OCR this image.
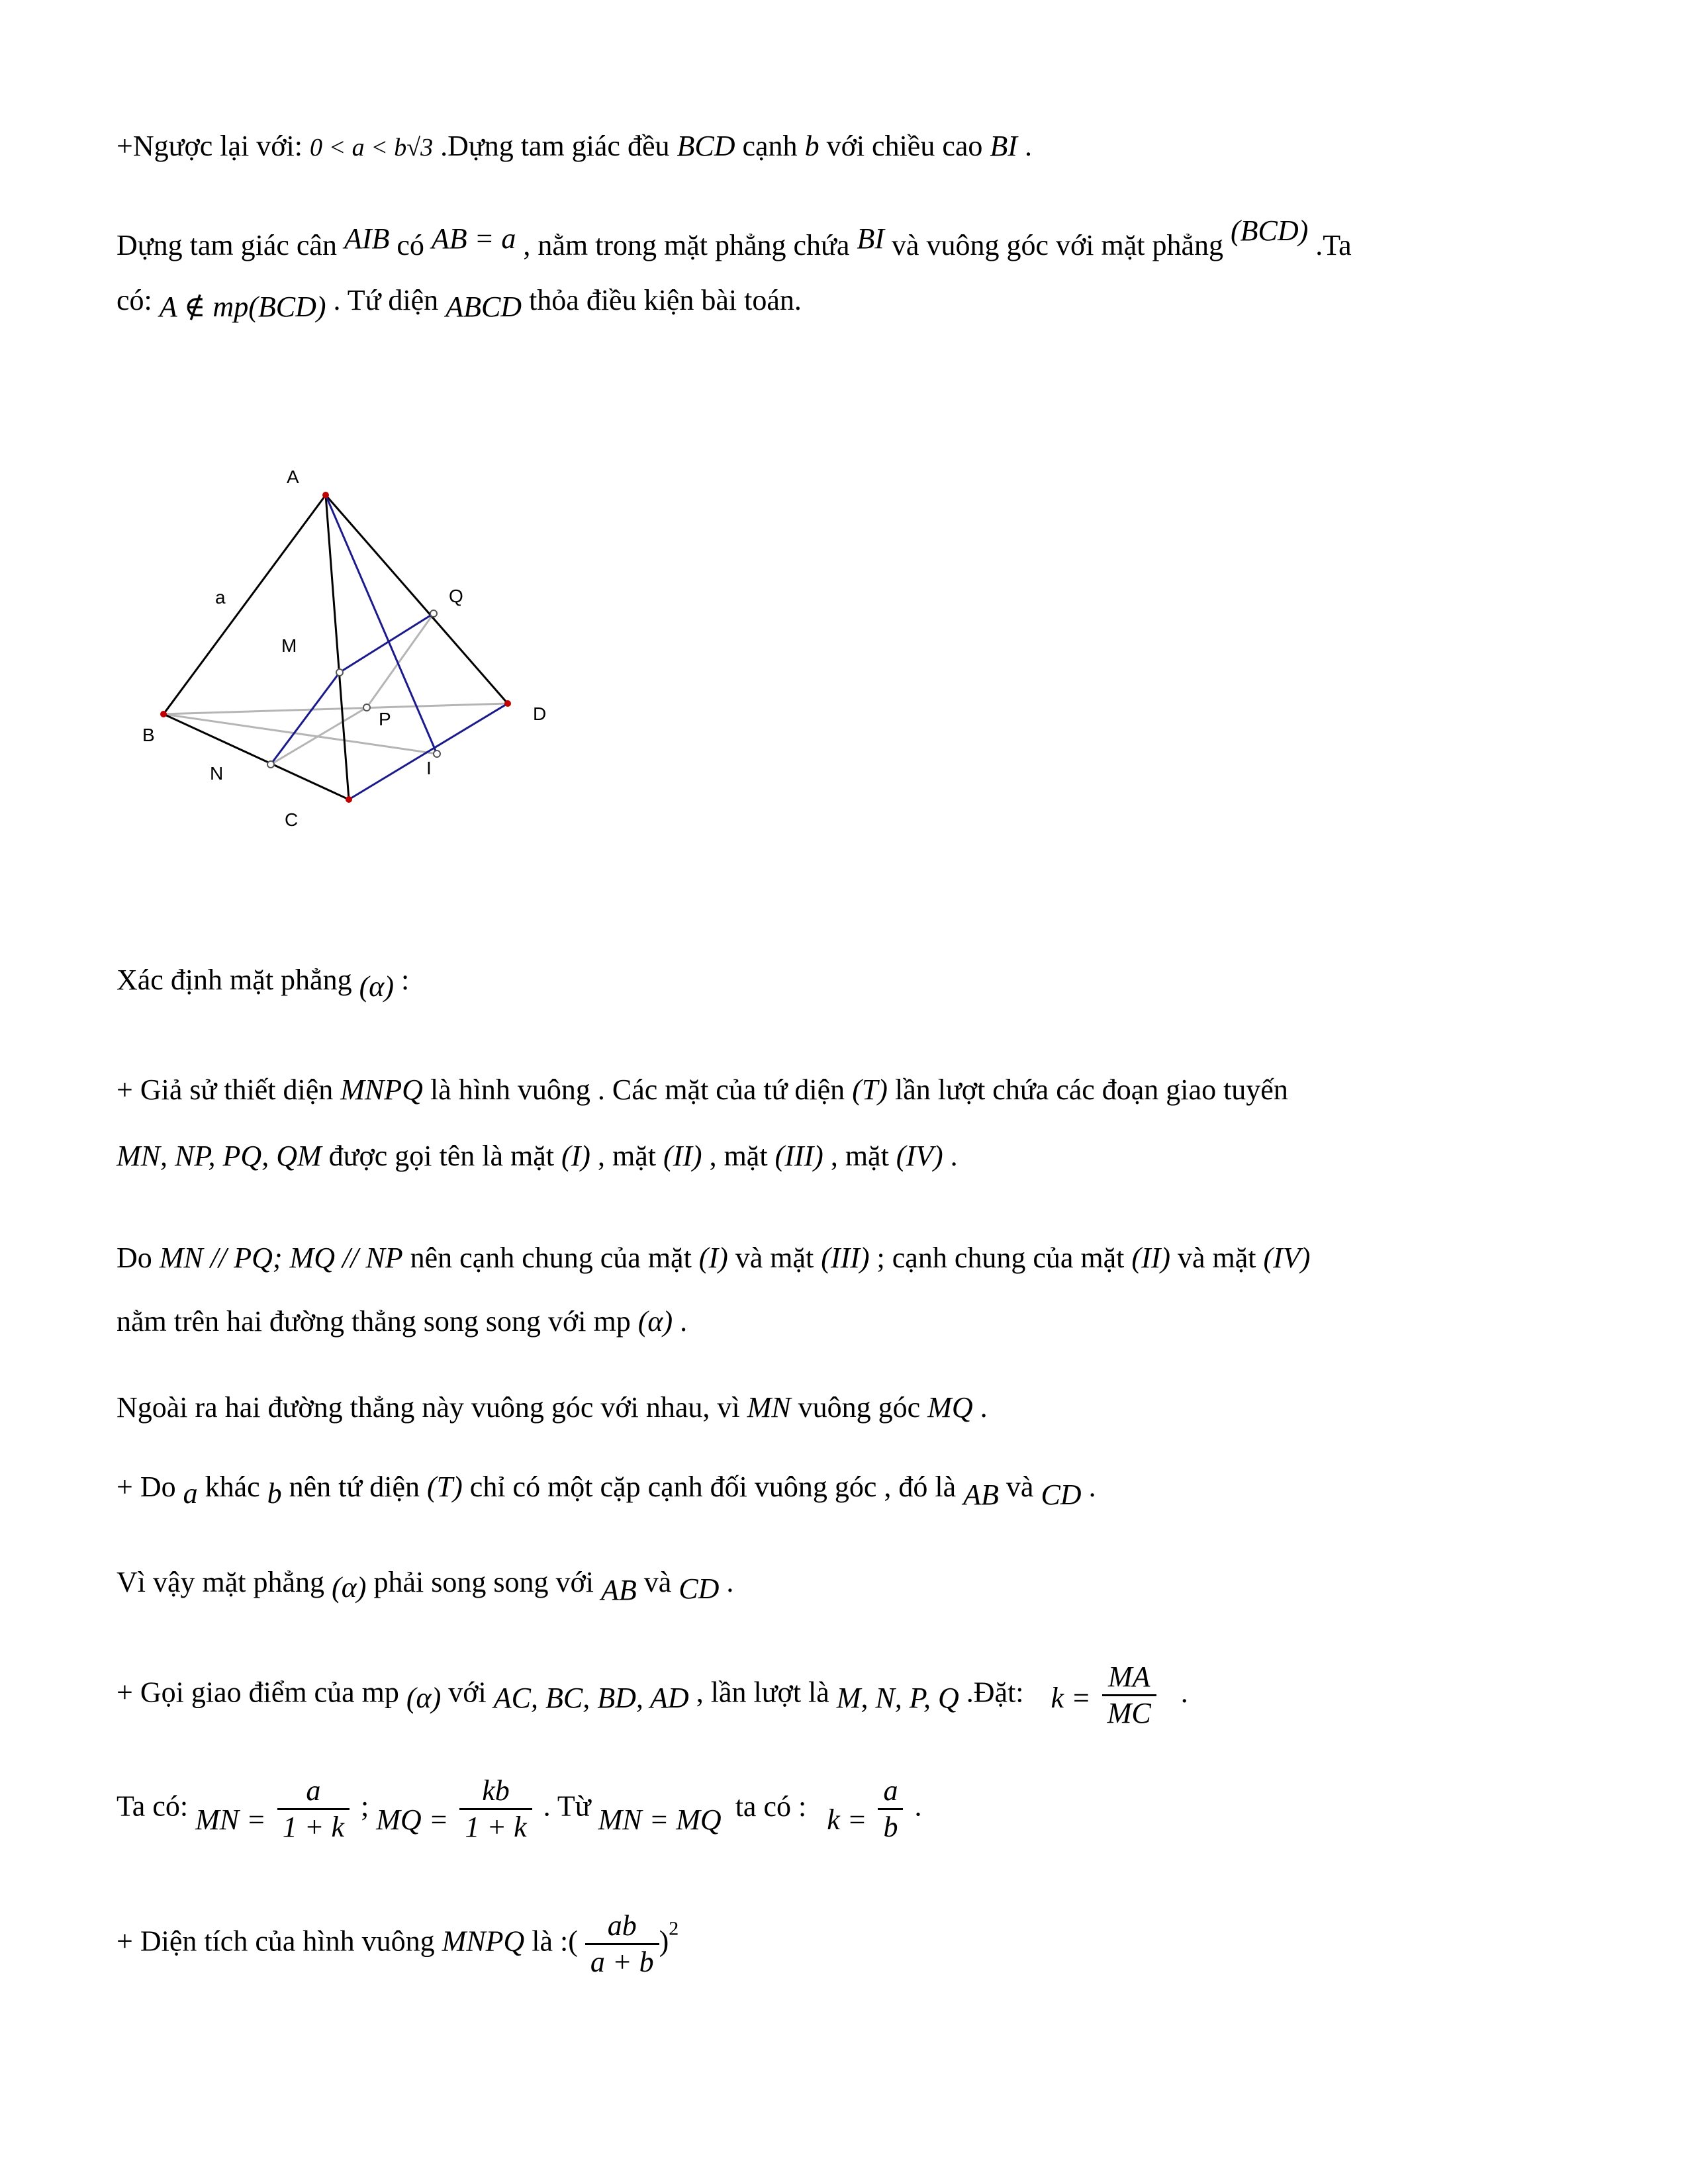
+Ngược lại với: 0 < a < b√3 .Dựng tam giác đều BCD cạnh b với chiều cao BI .
Dựng tam giác cân AIB có AB = a , nằm trong mặt phẳng chứa BI và vuông góc với mặt phẳng (BCD) .Ta
có: A ∉ mp(BCD) . Tứ diện ABCD thỏa điều kiện bài toán.
A
a	Q
M
P	D
B
I
N
C
Xác định mặt phẳng (α) :
+ Giả sử thiết diện MNPQ là hình vuông . Các mặt của tứ diện (T) lần lượt chứa các đoạn giao tuyến
MN, NP, PQ, QM được gọi tên là mặt (I) , mặt (II) , mặt (III) , mặt (IV) .
Do MN // PQ; MQ // NP nên cạnh chung của mặt (I) và mặt (III) ; cạnh chung của mặt (II) và mặt (IV)
nằm trên hai đường thẳng song song với mp (α) .
Ngoài ra hai đường thẳng này vuông góc với nhau, vì MN vuông góc MQ .
+ Do a khác b nên tứ diện (T) chỉ có một cặp cạnh đối vuông góc , đó là AB và CD .
Vì vậy mặt phẳng (α) phải song song với AB và CD .
+ Gọi giao điểm của mp (α) với AC, BC, BD, AD , lần lượt là M, N, P, Q .Đặt: $k = \frac{MA}{MC}$ .
Ta có: MN = $\frac{a}{1 + k}$ ; MQ = $\frac{kb}{1 + k}$ . Từ MN = MQ ta có : $k = \frac{a}{b}$ .
+ Diện tích của hình vuông MNPQ là :( $\frac{ab}{a + b} )^2$
